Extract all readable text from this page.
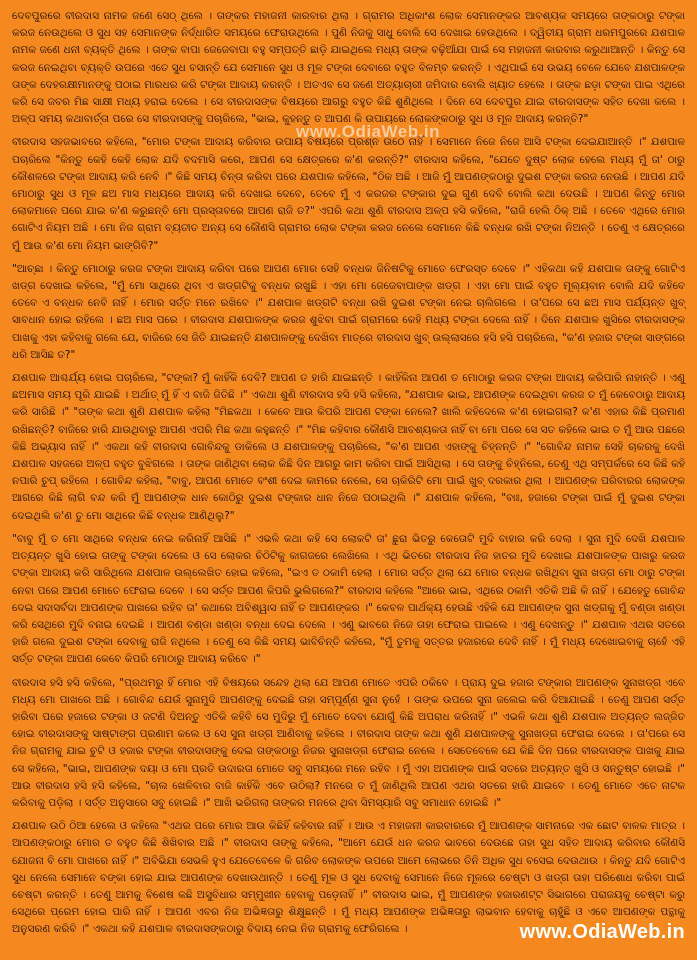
ଦେବପୁରରେ ବୀରଦାସ ନାମକ ଜଣେ ସେଠ୍ ଥିଲେ । ତାଙ୍କର ମହାଜନୀ କାରବାର ଥିଲା । ଗ୍ରାମର ଅଧିକାଂଶ ଲୋକ ସେମାନଙ୍କର ଆବଶ୍ୟକ ସମୟରେ ତାଙ୍କଠାରୁ ଟଙ୍କା କରଜ ନେଉଥିଲେ ଓ ସୁଧ ସହ ସେମାନଙ୍କ ନିର୍ଦ୍ଧାରିତ ସମୟରେ ଫେରାଉଥିଲେ । ପୁଣି ନିଜକୁ ସାଧୁ ବୋଲି ସେ ଦେଖାଇ ହେଉଥିଲେ । ଦ୍ୱିତୀୟ ଗ୍ରାମ ଧରମପୁରରେ ଯଶପାଳ ନାମକ ଜଣେ ଧନୀ ବ୍ୟକ୍ତି ଥିଲେ । ତାଙ୍କ ବାପା ଜେଜେବାପା ବହୁ ସମ୍ପତ୍ତି ଛାଡ଼ି ଯାଇଥିଲେ ମଧ୍ୟ ତାଙ୍କ ବଢ଼ିଆଁଯା ପାଇଁ ସେ ମହାଜନୀ କାରବାର କରୁଥାଆନ୍ତି । କିନ୍ତୁ ସେ କରଜ ନେଇଥିବା ବ୍ୟକ୍ତି ଉପରେ ଏତେ ସୁଧ ବସାନ୍ତି ଯେ ସେମାନେ ସୁଧ ଓ ମୂଳ ଟଙ୍କା ଦେବାରେ ବହୁତ ବିଳମ୍ବ କରନ୍ତି । ଏଥିପାଇଁ ସେ ଉଭୟ ବେଳେ ଯେବେ ଯଶପାଳଙ୍କ ତାଙ୍କ ଦେହରକ୍ଷୀମାନଙ୍କୁ ପଠାଇ ମାରଧର କରି ଟଙ୍କା ଆଦାୟ କରନ୍ତି । ଅତଏବ ସେ ଜଣେ ଅତ୍ୟାଚାରୀ ଜମିଦାର ବୋଲି ଖ୍ୟାତ ହେଲେ । ତାଙ୍କ ଛଡ଼ା ଟଙ୍କା ପାଇ ଏଥିରେ କରି ସେ ଜବର ମିଛ ସାକ୍ଷୀ ମଧ୍ୟ ହରାଇ ଦେଲେ । ସେ ବୀରଦାସଙ୍କ ବିଷୟରେ ଆଗରୁ ବହୁତ କିଛି ଶୁଣିଥିଲେ । ଦିନେ ସେ ଦେବପୁର ଯାଇ ବୀରଦାସଙ୍କ ସହିତ ଦେଖା କଲେ । ଅଳ୍ପ ସମୟ କଥାବାର୍ତ୍ତା ପରେ ସେ ବୀରଦାସଙ୍କୁ ପଚାରିଲେ, "ଭାଇ, କୁହନ୍ତୁ ତ ଆପଣ କି ଉପାୟରେ ଲୋକଙ୍କଠାରୁ ସୁଧ ଓ ମୂଳ ଆଦାୟ କରନ୍ତି?"

ବୀରଦାସ ସହଜଭାବରେ କହିଲେ, "ମୋର ଟଙ୍କା ଆଦାୟ କରିବାର ଉପାୟ ବିଷୟରେ ପ୍ରଶ୍ନ ଉଠେ ନାହିଁ । ସେମାନେ ନିଜେ ନିଜେ ଆସି ଟଙ୍କା ଦେଇଯାଆନ୍ତି ।" ଯଶପାଳ ପଚାରିଲେ "କିନ୍ତୁ କେହି କେହି ଲୋକ ଯଦି ବଦମାସି କରେ, ଆପଣ ସେ କ୍ଷେତ୍ରରେ କ'ଣ କରନ୍ତି?" ବୀରଦାସ କହିଲେ, "ଯେତେ ଦୁଷ୍ଟ ଲୋକ ହେଲେ ମଧ୍ୟ ମୁଁ ତା' ଠାରୁ କୌଶଳରେ ଟଙ୍କା ଆଦାୟ କରି ନେବି ।" କିଛି ସମୟ ଚିନ୍ତା କରିବା ପରେ ଯଶପାଳ କହିଲେ, "ଠିକ ଅଛି । ଆଜି ମୁଁ ଆପଣଙ୍କଠାରୁ ଦୁଇଶ ଟଙ୍କା କରଜ ନେଉଛି । ଆପଣ ଯଦି ମୋଠାରୁ ସୁଧ ଓ ମୂଳ ଛଅ ମାସ ମଧ୍ୟରେ ଆଦାୟ କରି ଦେଖାଇ ଦେବେ, ତେବେ ମୁଁ ଏ କରଜର ଟଙ୍କାର ଦୁଇ ଗୁଣ ଦେବି ବୋଲି କଥା ଦେଉଛି । ଆପଣ କିନ୍ତୁ ମୋର ଲୋକମାନେ ପରେ ଯାଇ କ'ଣ କରୁଛନ୍ତି ମୋ ପ୍ରସ୍ତାବରେ ଆପଣ ରାଜି ତ?" ଏପରି କଥା ଶୁଣି ବୀରଦାସ ଅଳ୍ପ ହସି କହିଲେ, "ରାଜି ହେଲି ଠିକ୍ ଅଛି । ତେବେ ଏଥିରେ ମୋର ଗୋଟିଏ ନିୟମ ଅଛି । ମୋ ନିଜ ଗ୍ରାମ ବ୍ୟତୀତ ଅନ୍ୟ ସେ କୌଣସି ଗ୍ରାମର ଲୋକ ଟଙ୍କା କରଜ ନେଲେ ସେମାନେ କିଛି ବନ୍ଧକ ରଖି ଟଙ୍କା ନିଅନ୍ତି । ତେଣୁ ଏ କ୍ଷେତ୍ରରେ ମୁଁ ଆଉ କ'ଣ ମୋ ନିୟମ ଭାଙ୍ଗିବି?"

"ଆଚ୍ଛା । କିନ୍ତୁ ମୋଠାରୁ କରଜ ଟଙ୍କା ଆଦାୟ କରିବା ପରେ ଆପଣ ମୋର ସେହି ବନ୍ଧକ ଜିନିଷଟିକୁ ମୋତେ ଫେରସ୍ତ ଦେବେ ।" ଏହିକଥା କହି ଯଶପାଳ ତାଙ୍କୁ ଗୋଟିଏ ଖଡ୍ଗ ଦେଖାଇ କହିଲେ, "ମୁଁ ମୋ ସାଥିରେ ଥିବା ଏ ଖଡ୍ଗଟିକୁ ବନ୍ଧକ ରଖୁଛି । ଏହା ମୋ ଜେଜେବାପାଙ୍କ ଖଡ୍ଗ । ଏହା ମୋ ପାଇଁ ବହୁତ ମୂଲ୍ୟବାନ ବୋଲି ଯଦି କହିବେ ତେବେ ଏ ବନ୍ଧକ ନେବି ନାହିଁ । ମୋର ସର୍ତ୍ତ ମନେ ରଖିବେ ।" ଯଶପାଳ ଖଡ୍ଗଟି ବନ୍ଧା ରଖି ଦୁଇଶ ଟଙ୍କା ନେଇ ଚାଲିଗଲେ । ତା'ପରେ ସେ ଛଅ ମାସ ପର୍ଯ୍ୟନ୍ତ ଖୁବ୍ ସାବଧାନ ହୋଇ ରହିଲେ । ଛଅ ମାସ ପରେ । ବୀରଦାସ ଯଶପାଳଙ୍କ କରଜ ଶୁଝିବା ପାଇଁ ଗ୍ରାମରେ କେହି ମଧ୍ୟ ଟଙ୍କା ଦେଲେ ନାହିଁ । ଦିନେ ଯଶପାଳ ଖୁସିରେ ବୀରଦାସଙ୍କ ପାଖକୁ ଏହା କହିବାକୁ ଗଲେ ଯେ, ବାଜିରେ ସେ ଜିତି ଯାଇଛନ୍ତି ଯଶପାଳଙ୍କୁ ଦେଖିବା ମାତ୍ରେ ବୀରଦାସ ଖୁବ୍ ଉଲ୍ଲାସରେ ହସି ହସି ପଚାରିଲେ, "କ'ଣ ହଜାର ଟଙ୍କା ସାଙ୍ଗରେ ଧରି ଆସିଛ ତ?"

ଯଶପାଳ ଆଶ୍ଚର୍ଯ୍ୟ ହୋଇ ପଚାରିଲେ, "ଟଙ୍କା? ମୁଁ କାହିଁକି ଦେବି? ଆପଣ ତ ହାରି ଯାଇଛନ୍ତି । କାହିଁକିନା ଆପଣ ତ ମୋଠାରୁ କରଜ ଟଙ୍କା ଆଦାୟ କରିପାରି ନାହାନ୍ତି । ଏଣୁ ଛଅମାସ ସମୟ ପୂରି ଯାଇଛି । ଅର୍ଥାତ୍ ମୁଁ ହିଁ ଏ ବାଜି ଜିତିଛି ।" ଏକଥା ଶୁଣି ବୀରଦାସ ହସି ହସି କହିଲେ, "ଯଶପାଳ ଭାଇ, ଆପଣଙ୍କ ଦେଇଥିବା କରଜ ତ ମୁଁ କେବେଠାରୁ ଆଦାୟ କରି ସାରିଛି ।" "ତାଙ୍କ କଥା ଶୁଣି ଯଶପାଳ କହିଲା "ମିଛକଥା । କେବେ ଆଉ କିପରି ଆପଣ ଟଙ୍କା ନେଲେ? ଖାଲି କହିଦେଲେ କ'ଣ ହୋଇଗଲା? କ'ଣ ଏହାର କିଛି ପ୍ରମାଣ ରଖିଛନ୍ତି? ବାଜିରେ ହାରି ଯାଉଥିବାରୁ ଆପଣ ଏପରି ମିଛ କଥା କହୁଛନ୍ତି ।" "ମିଛ କହିବାର କୌଣସି ଆବଶ୍ୟକତା ନାହିଁ ବା ମୋ ପରେ ସେ ସତ କହିଲେ ଭାଇ ତ ମୁଁ ଆଉ ପଛରେ କିଛି ଅଭ୍ୟାସ ନାହିଁ ।" ଏକଥା କହି ବୀରଦାସ ଗୋବିନ୍ଦକୁ ଡାକିଲେ ଓ ଯଶପାଳଙ୍କୁ ପଚାରିଲେ, "କ'ଣ ଆପଣ ଏହାଙ୍କୁ ଚିହ୍ନନ୍ତି ।" "ଗୋବିନ୍ଦ ନାମକ ସେହି ଚାକରକୁ ଦେଖି ଯଶପାଳ ସହଜରେ ଅଳ୍ପ ବହୁତ ବୁଝିଗଲେ । ତାଙ୍କ ଜାଣିଥିବା ଲୋକ କିଛି ଦିନ ଆଗରୁ କାମ କରିବା ପାଇଁ ଆସିଥିଲା । ସେ ତାଙ୍କୁ ଚିହ୍ନିଲେ, ତେଣୁ ଏଥି ସମ୍ପର୍କରେ ସେ କିଛି କହି ନପାରି ଚୁପ୍ ରହିଲେ । ଗୋବିନ୍ଦ କହିଲା, "ବାବୁ, ଆପଣ ମୋତେ ବଂଶୀ ଦେଇ କାମରେ ନେଲେ, ସେ ଚାକିରିଟି ମୋ ପାଇଁ ଖୁବ୍ ଦରକାର ଥିଲା । ଆପଣଙ୍କ ପରିବାରର ଲୋକଙ୍କ ଆଗରେ କିଛି ଲାଗି ବନ୍ଦ କରି ମୁଁ ଆପଣଙ୍କ ଧାନ କୋଠିରୁ ଦୁଇଶ ଟଙ୍କାର ଧାନ ନିଜେ ପଠାଇଥିଲି ।" ଯଶପାଳ କହିଲେ, "ବାଃ, ହଜାରେ ଟଙ୍କା ପାଇଁ ମୁଁ ଦୁଇଶ ଟଙ୍କା ଦେଇଥିଲି କ'ଣ ତୁ ମୋ ସାଥିରେ କିଛି ବନ୍ଧକ ଆଣିଥିଲୁ?"

"ବାବୁ ମୁଁ ତ ମୋ ସାଥିରେ ବନ୍ଧକ ନେଇ କରିନାହିଁ ଆସିଛି ।" ଏଭଳି କଥା କହି ସେ ଲୋକଟି ତା' ଛୁରା ଭିତରୁ କେତୋଟି ମୁଦି ବାହାର କରି ଦେଲା । ସୁନା ମୁଦି ଦେଖି ଯଶପାଳ ଅତ୍ୟନ୍ତ ଖୁସି ହୋଇ ତାଙ୍କୁ ଟଙ୍କା ଦେଲେ ଓ ସେ ଲୋକର ଚିଠିଟିକୁ କାଗଜରେ ଲେଖିଲେ । ଏଥି ଭିତରେ ବୀରଦାସ ନିଜ ହାତର ମୁଦି ଦେଖାଇ ଯଶପାଳଙ୍କ ପାଖରୁ କରଜ ଟଙ୍କା ଆଦାୟ କରି ସାରିଥିଲେ ଯଶପାଳ ଉଲ୍ଲେଖିତ ହୋଇ କହିଲେ, "ଇଏ ତ ଠକାମି ହେଲା । ମୋର ସର୍ତ୍ତ ଥିଲା ଯେ ମୋର ବନ୍ଧକ ରଖିଥିବା ସୁନା ଖଡ୍ଗ ମୋ ଠାରୁ ଟଙ୍କା ନେବା ପରେ ଆପଣ ମୋତେ ଫେରାଇ ଦେବେ । ସେ ସର୍ତ୍ତ ଆପଣ କିପରି ଭୁଲିଗଲେ?" ବୀରଦାସ କହିଲେ "ଆରେ ଭାଇ, ଏଥିରେ ଠକାମି ଏତିକି ଅଛି କି ନାହିଁ । ଯେହେତୁ ଗୋବିନ୍ଦ ଦେଇ ସଦାସର୍ବଦା ଆପଣଙ୍କ ପାଖରେ ରହିବ ତା' କଥାରେ ଅବିଶ୍ୱାସ ନାହିଁ ତ ଆପଣଙ୍କର ।" କେବଳ ପାର୍ଥକ୍ୟ ହେଉଛି ଏହିକି ଯେ ଆପଣଙ୍କ ସୁନା ଖଡ୍ଗକୁ ମୁଁ ବଣ୍ଡା ଖଣ୍ଡା କରି ସେଥିରେ ମୁଦି ବନାଇ ଦେଇଛି । ଆପଣ ବଣ୍ଡା ଖଣ୍ଡା ବନ୍ଧା ଦେଇ ଦେଲେ । ଏଣୁ ଭାବରେ ନିଜେ ତାହା ଫେରାଇ ପାଇଲେ । ଏଣୁ ଦେଖନ୍ତୁ ।" ଯଶପାଳ ଏଥର ସତରେ ହାରି ଗଲେ ଦୁଇଶ ଟଙ୍କା ଦେବାକୁ ରାଜି ନଥିଲେ । ତେଣୁ ସେ କିଛି ସମୟ ଭାବିଚିନ୍ତି କହିଲେ, "ମୁଁ ତୁମକୁ ସତ୍ତର ହଜାରରେ ଦେବି ନାହିଁ । ମୁଁ ମଧ୍ୟ ଦେଖୋଇବାକୁ ଚାହେଁ ଏହି ସର୍ତ୍ତ ଟଙ୍କା ଆପଣ କେବେ କିପରି ମୋଠାରୁ ଆଦାୟ କରିବେ ।"

ବୀରଦାସ ହସି ହସି କହିଲେ, "ପ୍ରଥମରୁ ହିଁ ମୋର ଏହି ବିଷୟରେ ସନ୍ଦେହ ଥିଲା ଯେ ଆପଣ ମୋତେ ଏପରି ଠକିବେ । ପ୍ରାୟ ଦୁଇ ହଜାର ଟଙ୍କାର ଆପଣଙ୍କ ସୁନାଖଡ୍ଗ ଏବେ ମଧ୍ୟ ମୋ ପାଖରେ ଅଛି । ଗୋବିନ୍ଦ ଯେଉଁ ସୁନାମୁଦି ଆପଣଙ୍କୁ ଦେଇଛି ତାହା ସମ୍ପୂର୍ଣ୍ଣ ସୁନା ନୁହେଁ । ତାଙ୍କ ଉପରେ ସୁନା ଜଲେଇ କରି ଦିଆଯାଇଛି । ତେଣୁ ଆପଣ ସର୍ତ୍ତ ହାରିବା ପରେ ହଜାରେ ଟଙ୍କା ଓ ଜଟଣି ଦିଅନ୍ତୁ ଏତିକି କହିବି ସେ ମୁଦିରୁ ମୁଁ ମୋତେ ଦେବା ଯୋଗୁଁ କିଛି ଅପରାଧ କରିନାହିଁ ।" ଏଭଳି କଥା ଶୁଣି ଯଶପାଳ ଅତ୍ୟନ୍ତ ଲଜ୍ଜିତ ହୋଇ ବୀରଦାସଙ୍କୁ ସାଷ୍ଟାଙ୍ଗ ପ୍ରଣାମ କଲେ ଓ ସେ ସୁନା ଖଡ୍ଗ ଆଣିବାକୁ କହିଲେ । ବୀରଦାସ ତାଙ୍କ କଥା ଶୁଣି ଯଶପାଳଙ୍କୁ ସୁନାଖଡ୍ଗ ଫେରାଇ ଦେଲେ । ତା'ପରେ ସେ ନିଜ ଗ୍ରାମକୁ ଯାଇ ଚୁଟି ଓ ହଜାର ଟଙ୍କା ବୀରଦାସଙ୍କୁ ଦେଇ ତାଙ୍କଠାରୁ ନିଜର ସୁନାଖଡ୍ଗ ଫେରାଇ ନେଲେ । ସେତେବେଳେ ଯେ କିଛି ଦିନ ପରେ ବୀରଦାସଙ୍କ ପାଖକୁ ଯାଇ ସେ କହିଲେ, "ଭାଇ, ଆପଣଙ୍କ ଦୟା ଓ ମୋ ପ୍ରତି ଉଦାରତା ମୋତେ ସବୁ ସମୟରେ ମନେ ରହିବ । ମୁଁ ଏହା ଅପଣଙ୍କ ପାଇଁ ସତରେ ଅତ୍ୟନ୍ତ ଖୁସି ଓ ସନ୍ତୁଷ୍ଟ ହୋଇଛି ।" ଆଉ ବୀରଦାସ ହସି ହସି କହିଲେ, "ଚାଲ ଖେଳିବାର ବାଜି କାହିଁକି ଏବେ ଉଠିଲା? ମନରେ ତ ମୁଁ ଜାଣିଥିଲି ଆପଣ ଏଥର ସତରେ ହାରି ଯାଇବେ । ତେଣୁ ମୋତେ ଏତେ ନାଟକ କରିବାକୁ ପଡ଼ିଲା । ସର୍ତ୍ତ ଅନୁସାରେ ସବୁ ହୋଇଛି ।" ଆଖି ଭରିଗଲା ତାଙ୍କର ମନରେ ଥିବା ସିମସ୍ୟାରି ସବୁ ସମାଧାନ ହୋଇଛି ।"

ଯଶପାଳ ଉଠି ଠିଆ ହେଲେ ଓ କହିଲେ "ଏଥର ପରେ ମୋର ଆଉ କିଛିହିଁ କହିବାର ନାହିଁ । ଆଉ ଏ ମହାଜନୀ କାରବାରରେ ମୁଁ ଆପଣଙ୍କ ସାମନାରେ ଏକ ଛୋଟ ବାଳକ ମାତ୍ର । ଆପଣଙ୍କଠାରୁ ମୋର ତ ବହୁତ କିଛି ଶିଖିବାର ଅଛି ।" ବୀରଦାସ ତାଙ୍କୁ କହିଲେ, "ଆମେ ଯେଉଁ ଧନ କରଜ ଭାବରେ ଦେଉଛେ ତାହା ସୁଧ ସହିତ ଆଦାୟ କରିବାର କୌଣସି ଯୋଜନା ବି ମୋ ପାଖରେ ନାହିଁ ।" ଅବିଭିଯା ସେଭଳି ହୁଏ ଯେତେବେଳେ କି ଗରିବ ଲୋକଙ୍କ ଉପରେ ଆମେ ଲୋଭରେ ତିନି ଅଧିକ ସୁଧ ବସେଇ ଦେଉଥାଉ । କିନ୍ତୁ ଯଦି ଗୋଟିଏ ସୁଧ ନେଲେ ସେମାନେ ବଙ୍କା ହୋଇ ଯାଇ ଆପଣଙ୍କ ଦେଖାଉଥାନ୍ତି । ତେଣୁ ମୂଳ ଓ ସୁଧ ଦେବାକୁ ସେମାନେ ନିଜେ ମୂଳରେ ଚେଷ୍ଟା ଓ ଖଡ୍ଗ ତାହା ପରିଶୋଧ କରିବା ପାଇଁ ଚେଷ୍ଟା କରନ୍ତି । ତେଣୁ ଆମକୁ ବିଶେଷ କଛି ଅସୁବିଧାର ସମ୍ମୁଖୀନ ହେବାକୁ ପଡ଼େନାହିଁ ।" ବୀରଦାସ ଭାଇ, ମୁଁ ଆପଣଙ୍କ ହଜାରଣଟ୍ଟ ସିଭାଗରେ ପରାଜୟକୁ ଚେଷ୍ଟା କରୁ ସେଥିରେ ପ୍ରେମ ହୋଇ ପାରି ନାହିଁ । ଆପଣ ଏବର ନିଜ ଅଭିଜ୍ଞତାରୁ ଶିକ୍ଷୁଛନ୍ତି । ମୁଁ ମଧ୍ୟ ଆପଣଙ୍କ ଅଭିଜ୍ଞତାରୁ ଲାଭବାନ ହେବାକୁ ଚାହୁଁଛି ଓ ଏବେ ଆପଣଙ୍କ ପନ୍ଥାକୁ ଅନୁସରଣ କରିବି ।" ଏକଥା କହି ଯଶପାଳ ବୀରଦାସଙ୍କଠାରୁ ବିଦାୟ ନେଇ ନିଜ ଗ୍ରାମକୁ ଫେରିଗଲେ ।

www.OdiaWeb.in
www.OdiaWeb.in
